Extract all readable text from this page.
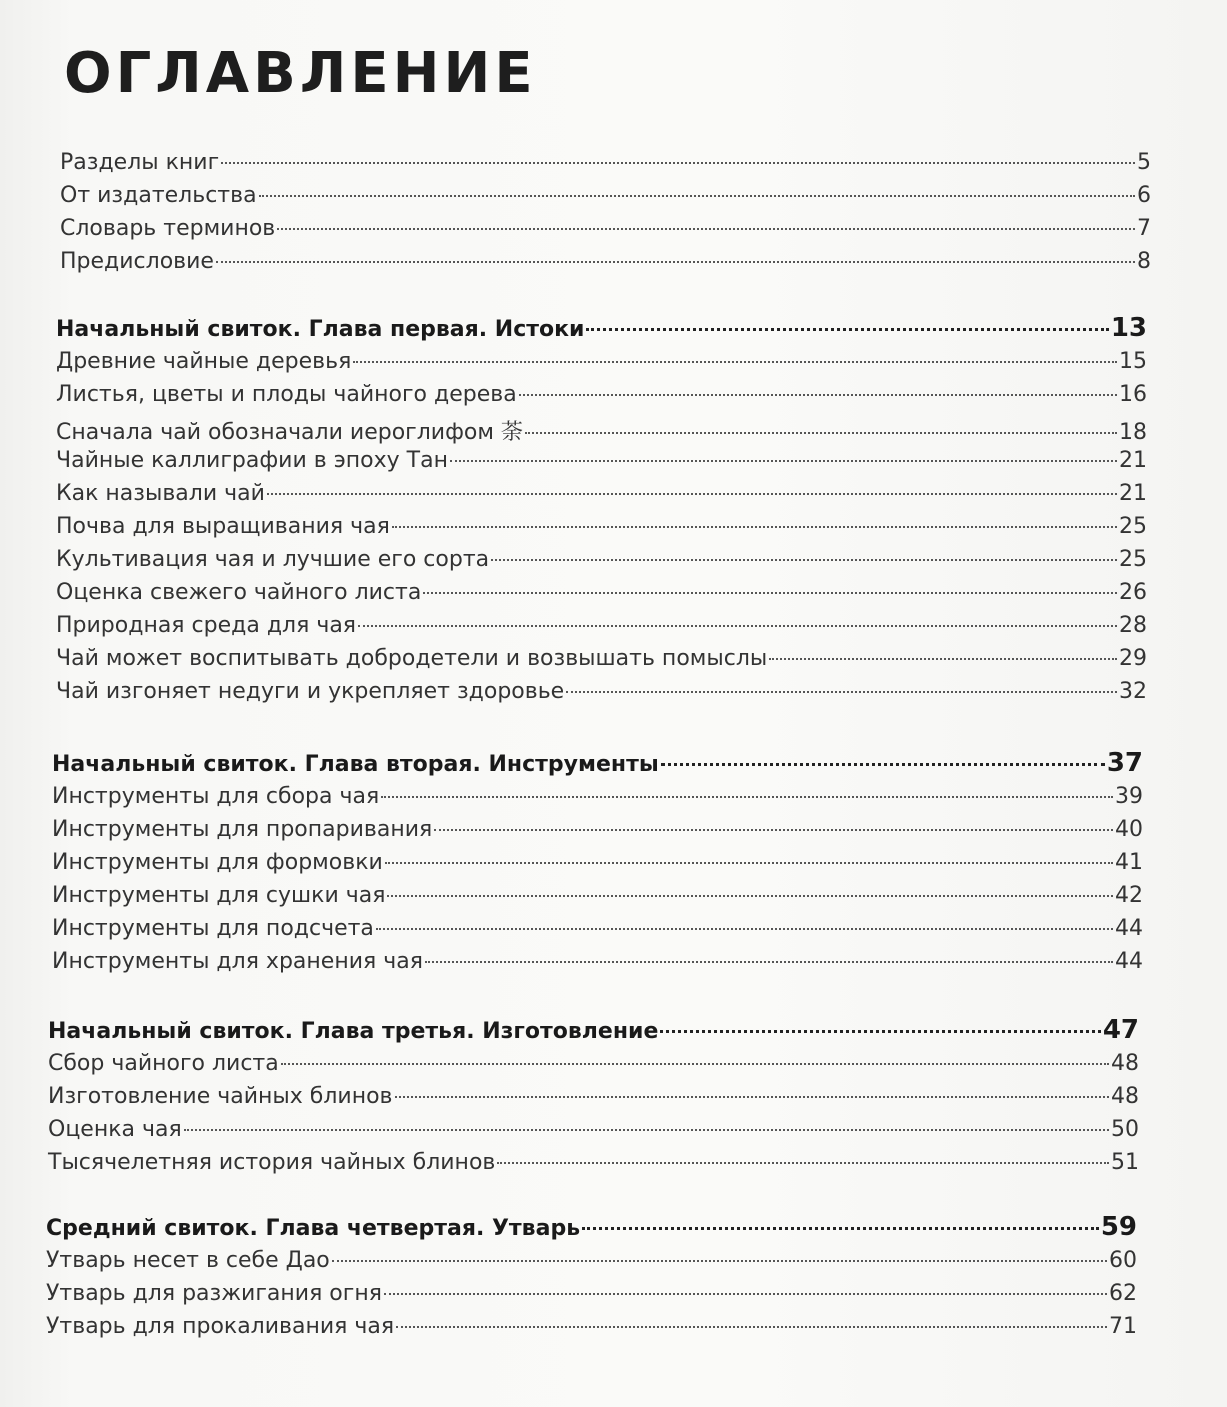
ОГЛАВЛЕНИЕ
Разделы книг	5
От издательства	6
Словарь терминов	7
Предисловие	8
Начальный свиток. Глава первая. Истоки	13
Древние чайные деревья	15
Листья, цветы и плоды чайного дерева	16
Сначала чай обозначали иероглифом 荼	18
Чайные каллиграфии в эпоху Тан	21
Как называли чай	21
Почва для выращивания чая	25
Культивация чая и лучшие его сорта	25
Оценка свежего чайного листа	26
Природная среда для чая	28
Чай может воспитывать добродетели и возвышать помыслы	29
Чай изгоняет недуги и укрепляет здоровье	32
Начальный свиток. Глава вторая. Инструменты	37
Инструменты для сбора чая	39
Инструменты для пропаривания	40
Инструменты для формовки	41
Инструменты для сушки чая	42
Инструменты для подсчета	44
Инструменты для хранения чая	44
Начальный свиток. Глава третья. Изготовление	47
Сбор чайного листа	48
Изготовление чайных блинов	48
Оценка чая	50
Тысячелетняя история чайных блинов	51
Средний свиток. Глава четвертая. Утварь	59
Утварь несет в себе Дао	60
Утварь для разжигания огня	62
Утварь для прокаливания чая	71
